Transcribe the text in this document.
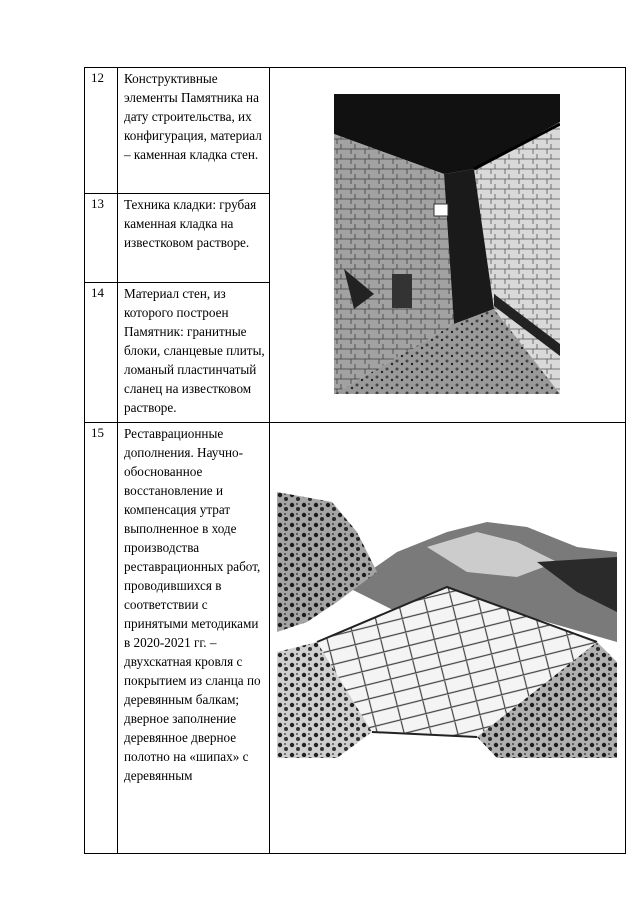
12	Конструктивные элементы Памятника на дату строительства, их конфигурация, материал – каменная кладка стен.	

13	Техника кладки: грубая каменная кладка на известковом растворе.	
14	Материал стен, из которого построен Памятник: гранитные блоки, сланцевые плиты, ломаный пластинчатый сланец на известковом растворе.	
15	Реставрационные дополнения. Научно-обоснованное восстановление и компенсация утрат выполненное в ходе производства реставрационных работ, проводившихся в соответствии с принятыми методиками в 2020-2021 гг. – двухскатная кровля с покрытием из сланца по деревянным балкам; дверное заполнение деревянное дверное полотно на «шипах» с деревянным	
